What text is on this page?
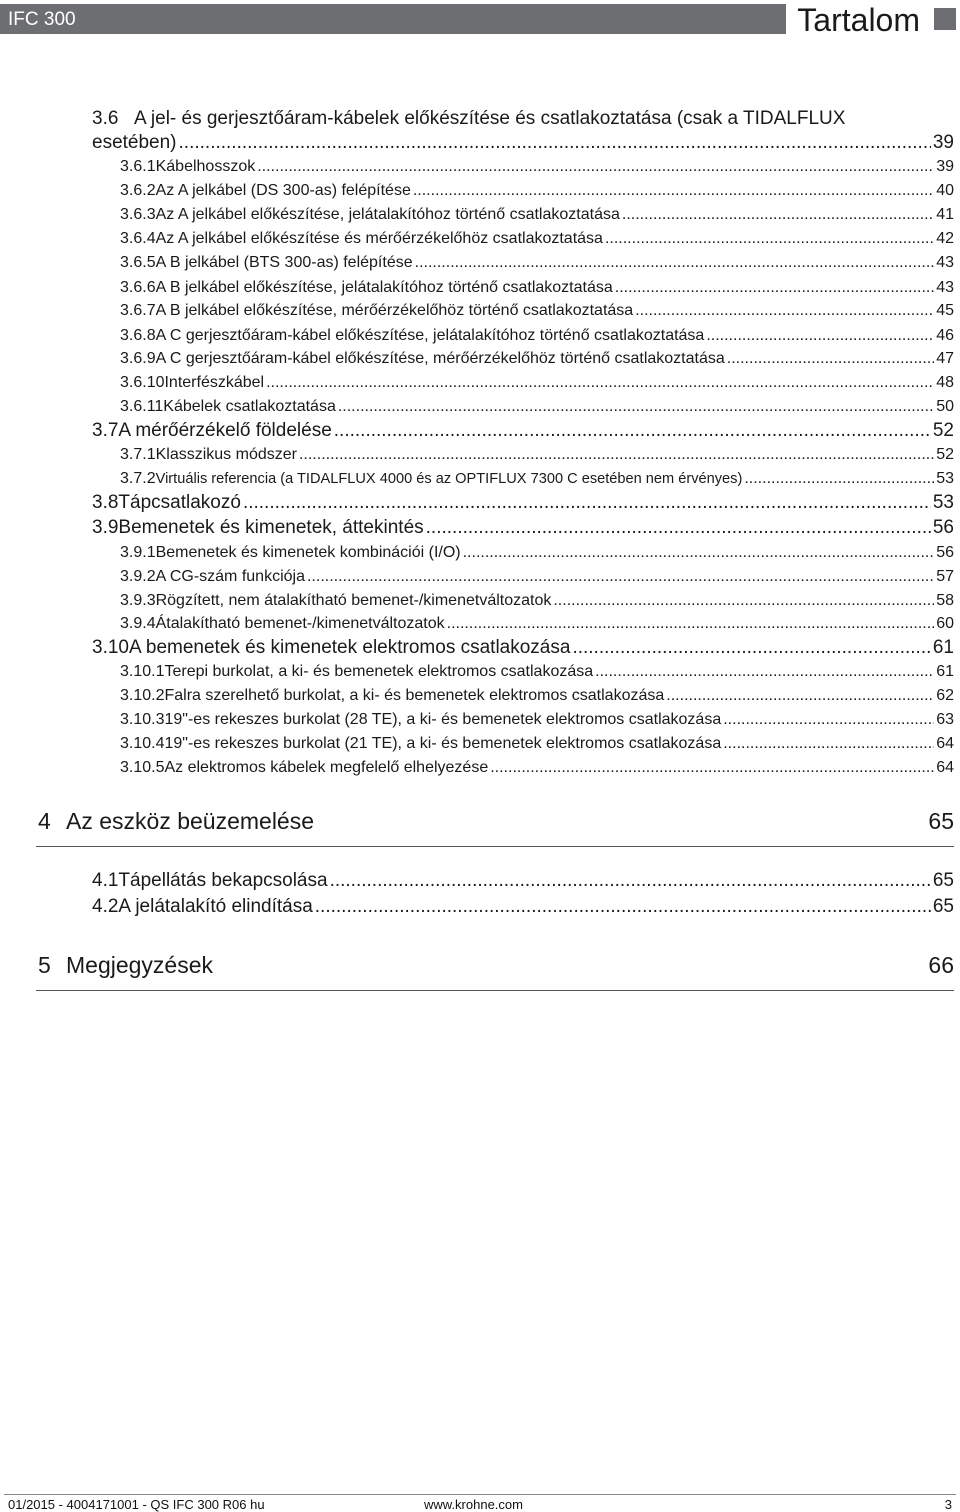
IFC 300	Tartalom
3.6 A jel- és gerjesztőáram-kábelek előkészítése és csatlakoztatása (csak a TIDALFLUX
esetében) .....	39
3.6.1 Kábelhosszok .....	39
3.6.2 Az A jelkábel (DS 300-as) felépítése .....	40
3.6.3 Az A jelkábel előkészítése, jelátalakítóhoz történő csatlakoztatása .....	41
3.6.4 Az A jelkábel előkészítése és mérőérzékelőhöz csatlakoztatása .....	42
3.6.5 A B jelkábel (BTS 300-as) felépítése .....	43
3.6.6 A B jelkábel előkészítése, jelátalakítóhoz történő csatlakoztatása .....	43
3.6.7 A B jelkábel előkészítése, mérőérzékelőhöz történő csatlakoztatása .....	45
3.6.8 A C gerjesztőáram-kábel előkészítése, jelátalakítóhoz történő csatlakoztatása .....	46
3.6.9 A C gerjesztőáram-kábel előkészítése, mérőérzékelőhöz történő csatlakoztatása .....	47
3.6.10 Interfészkábel .....	48
3.6.11 Kábelek csatlakoztatása .....	50
3.7 A mérőérzékelő földelése .....	52
3.7.1 Klasszikus módszer .....	52
3.7.2 Virtuális referencia (a TIDALFLUX 4000 és az OPTIFLUX 7300 C esetében nem érvényes) .....	53
3.8 Tápcsatlakozó .....	53
3.9 Bemenetek és kimenetek, áttekintés .....	56
3.9.1 Bemenetek és kimenetek kombinációi (I/O) .....	56
3.9.2 A CG-szám funkciója .....	57
3.9.3 Rögzített, nem átalakítható bemenet-/kimenetváltozatok .....	58
3.9.4 Átalakítható bemenet-/kimenetváltozatok .....	60
3.10 A bemenetek és kimenetek elektromos csatlakozása .....	61
3.10.1 Terepi burkolat, a ki- és bemenetek elektromos csatlakozása .....	61
3.10.2 Falra szerelhető burkolat, a ki- és bemenetek elektromos csatlakozása .....	62
3.10.3 19"-es rekeszes burkolat (28 TE), a ki- és bemenetek elektromos csatlakozása .....	63
3.10.4 19"-es rekeszes burkolat (21 TE), a ki- és bemenetek elektromos csatlakozása .....	64
3.10.5 Az elektromos kábelek megfelelő elhelyezése .....	64
4 Az eszköz beüzemelése	65
4.1 Tápellátás bekapcsolása .....	65
4.2 A jelátalakító elindítása .....	65
5 Megjegyzések	66
01/2015 - 4004171001 - QS IFC 300 R06 hu	www.krohne.com	3
